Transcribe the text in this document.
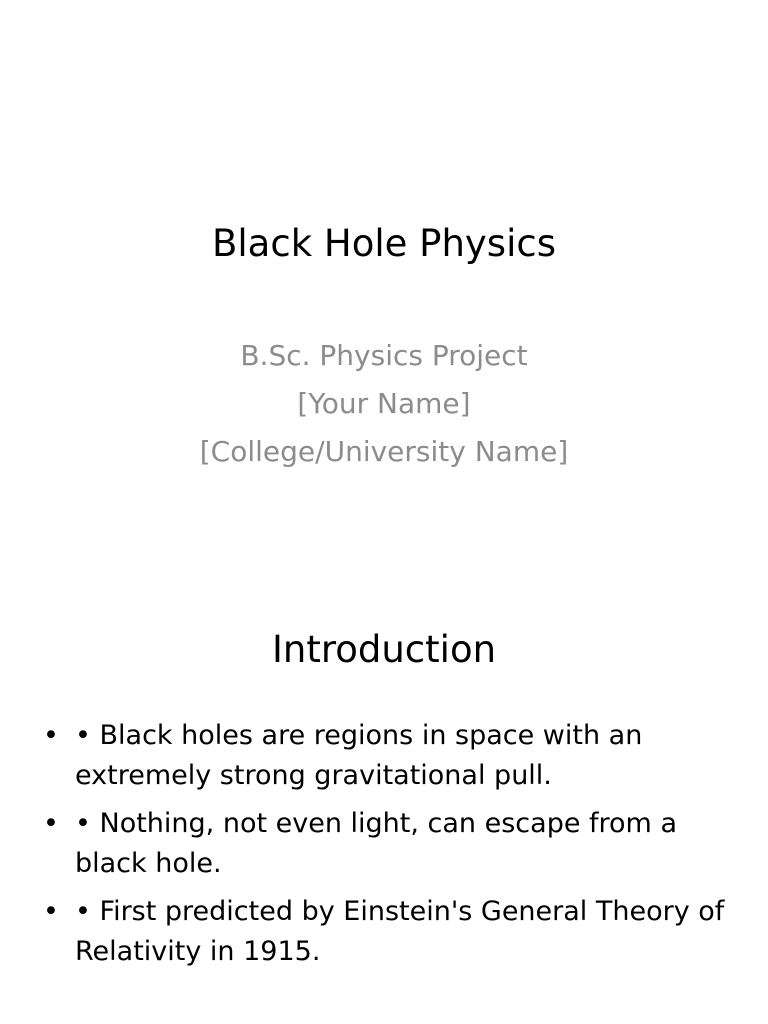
Black Hole Physics
B.Sc. Physics Project
[Your Name]
[College/University Name]
Introduction
• • Black holes are regions in space with an extremely strong gravitational pull.
• • Nothing, not even light, can escape from a black hole.
• • First predicted by Einstein's General Theory of Relativity in 1915.
